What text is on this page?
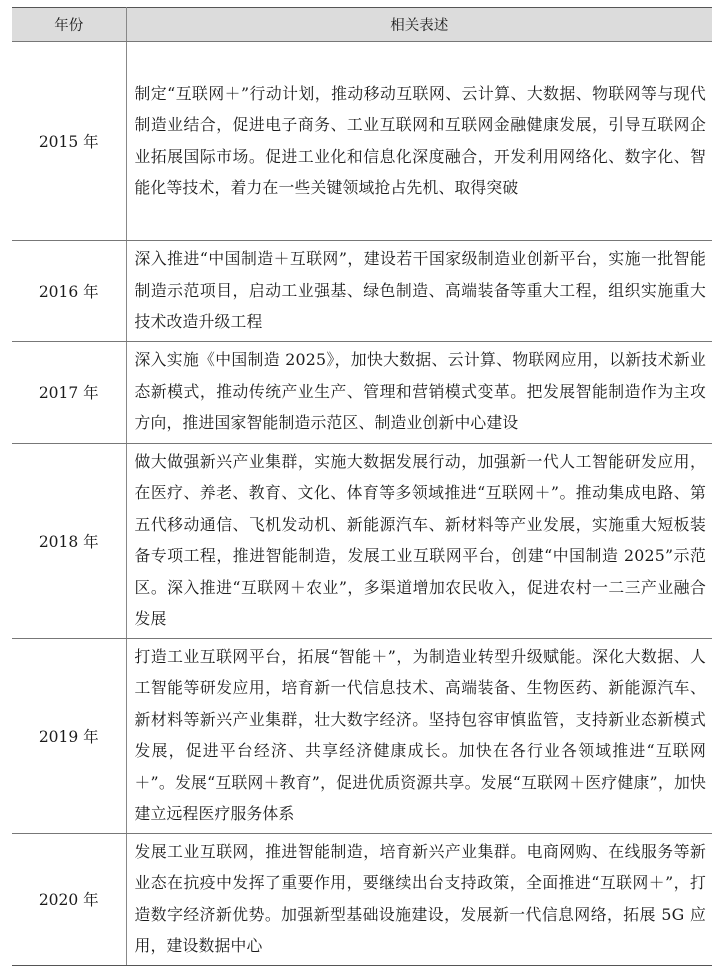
年份	相关表述
2015 年	制定“互联网＋”行动计划，推动移动互联网、云计算、大数据、物联网等与现代制造业结合，促进电子商务、工业互联网和互联网金融健康发展，引导互联网企业拓展国际市场。促进工业化和信息化深度融合，开发利用网络化、数字化、智能化等技术，着力在一些关键领域抢占先机、取得突破
2016 年	深入推进“中国制造＋互联网”，建设若干国家级制造业创新平台，实施一批智能制造示范项目，启动工业强基、绿色制造、高端装备等重大工程，组织实施重大技术改造升级工程
2017 年	深入实施《中国制造 2025》，加快大数据、云计算、物联网应用，以新技术新业态新模式，推动传统产业生产、管理和营销模式变革。把发展智能制造作为主攻方向，推进国家智能制造示范区、制造业创新中心建设
2018 年	做大做强新兴产业集群，实施大数据发展行动，加强新一代人工智能研发应用，在医疗、养老、教育、文化、体育等多领域推进“互联网＋”。推动集成电路、第五代移动通信、飞机发动机、新能源汽车、新材料等产业发展，实施重大短板装备专项工程，推进智能制造，发展工业互联网平台，创建“中国制造 2025”示范区。深入推进“互联网＋农业”，多渠道增加农民收入，促进农村一二三产业融合发展
2019 年	打造工业互联网平台，拓展“智能＋”，为制造业转型升级赋能。深化大数据、人工智能等研发应用，培育新一代信息技术、高端装备、生物医药、新能源汽车、新材料等新兴产业集群，壮大数字经济。坚持包容审慎监管，支持新业态新模式发展，促进平台经济、共享经济健康成长。加快在各行业各领域推进“互联网＋”。发展“互联网＋教育”，促进优质资源共享。发展“互联网＋医疗健康”，加快建立远程医疗服务体系
2020 年	发展工业互联网，推进智能制造，培育新兴产业集群。电商网购、在线服务等新业态在抗疫中发挥了重要作用，要继续出台支持政策，全面推进“互联网＋”，打造数字经济新优势。加强新型基础设施建设，发展新一代信息网络，拓展 5G 应用，建设数据中心
